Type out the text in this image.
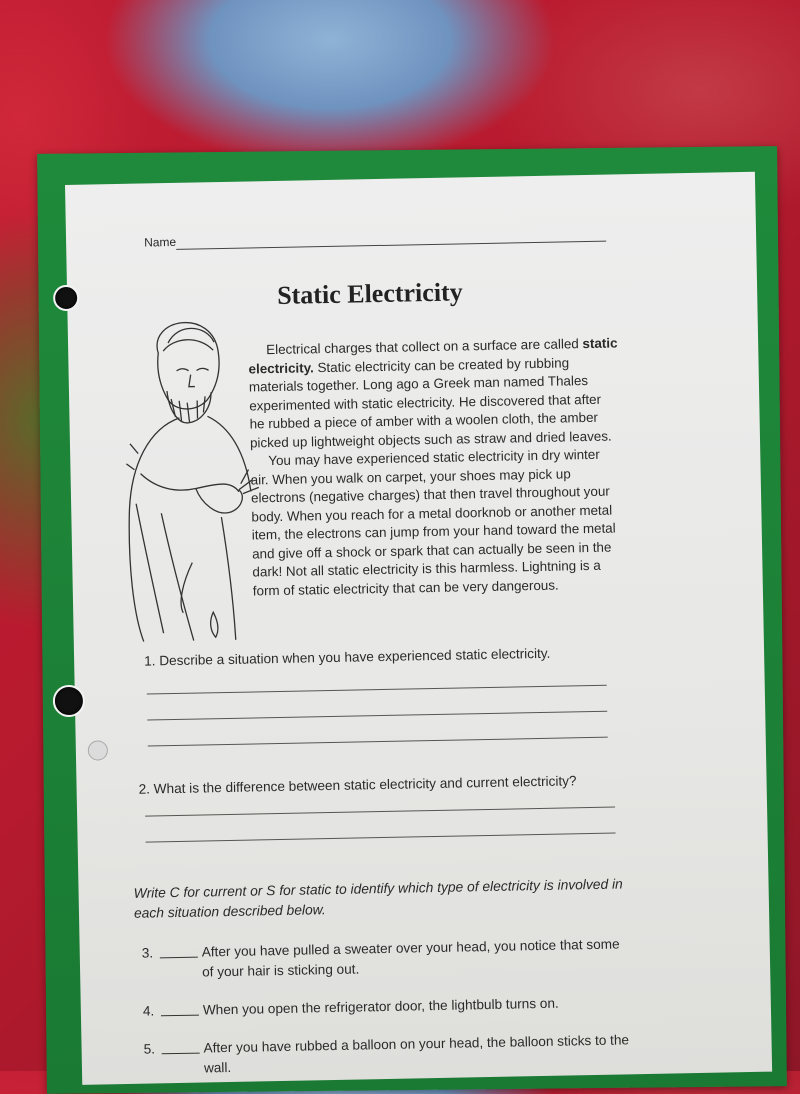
Name
Static Electricity

Electrical charges that collect on a surface are called static electricity. Static electricity can be created by rubbing materials together. Long ago a Greek man named Thales experimented with static electricity. He discovered that after he rubbed a piece of amber with a woolen cloth, the amber picked up lightweight objects such as straw and dried leaves.

You may have experienced static electricity in dry winter air. When you walk on carpet, your shoes may pick up electrons (negative charges) that then travel throughout your body. When you reach for a metal doorknob or another metal item, the electrons can jump from your hand toward the metal and give off a shock or spark that can actually be seen in the dark! Not all static electricity is this harmless. Lightning is a form of static electricity that can be very dangerous.

1. Describe a situation when you have experienced static electricity.
2. What is the difference between static electricity and current electricity?
Write C for current or S for static to identify which type of electricity is involved in each situation described below.
3.	After you have pulled a sweater over your head, you notice that some of your hair is sticking out.
4.	When you open the refrigerator door, the lightbulb turns on.
5.	After you have rubbed a balloon on your head, the balloon sticks to the wall.
